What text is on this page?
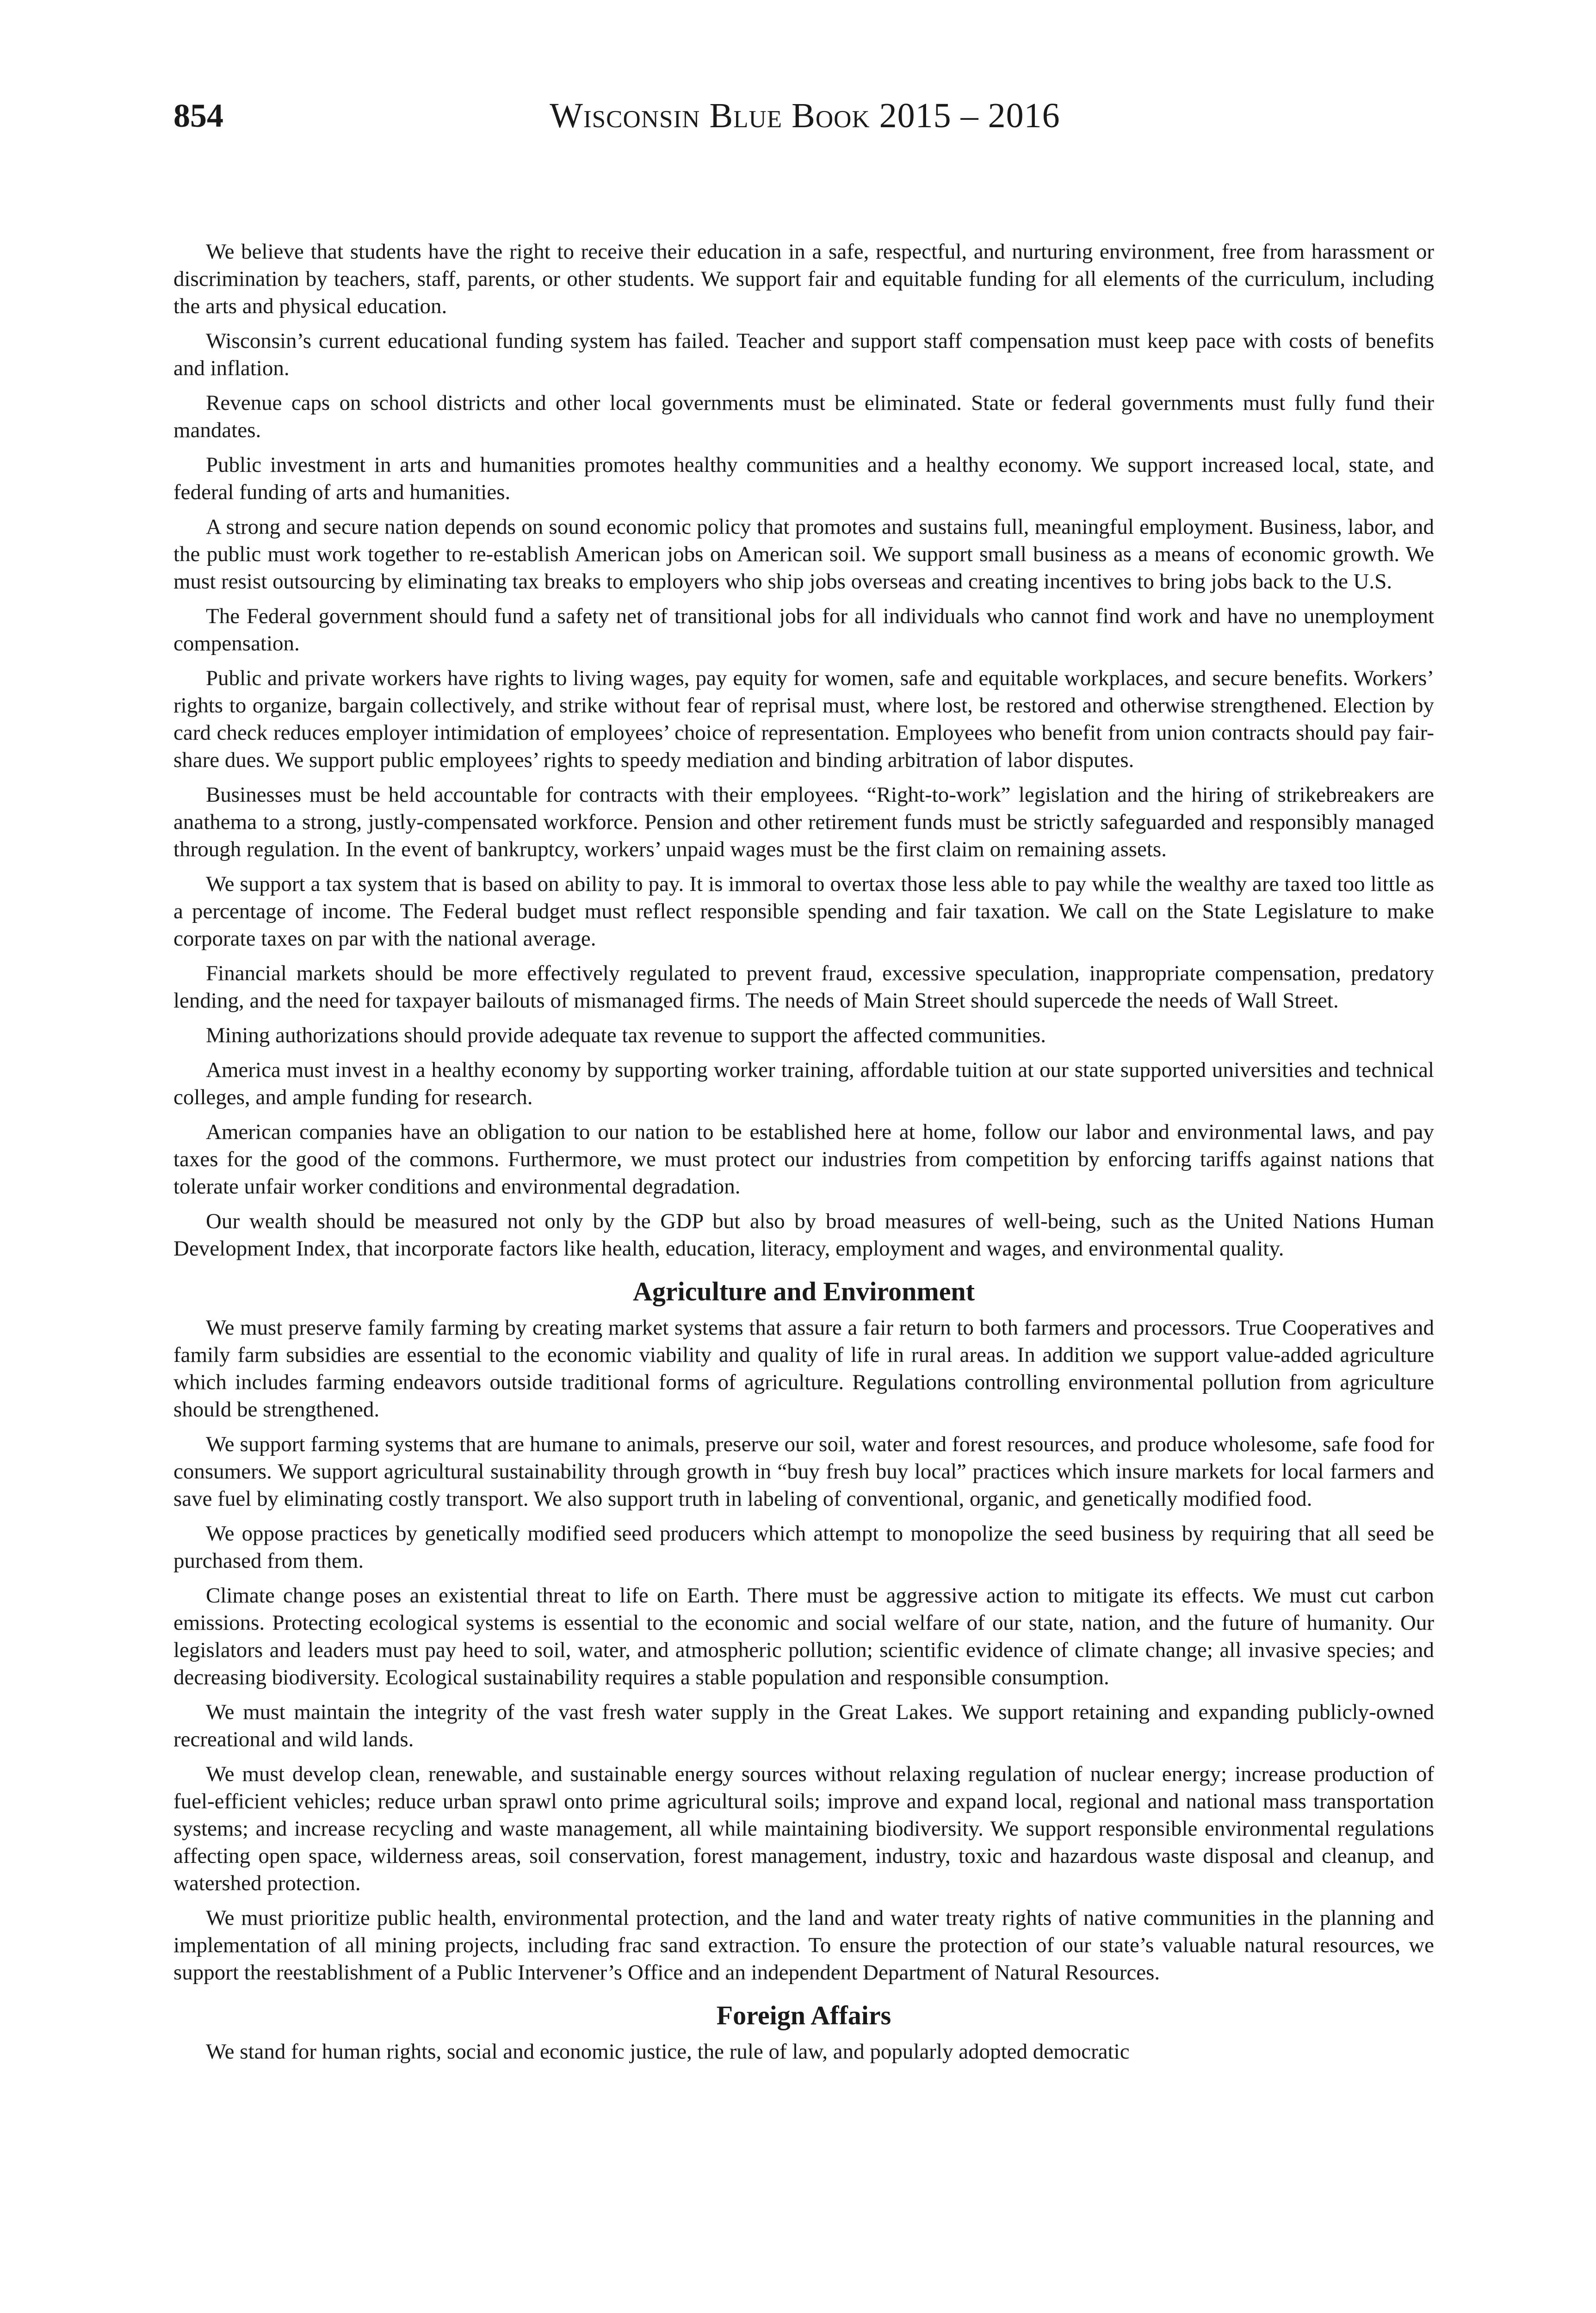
854	Wisconsin Blue Book 2015 – 2016

We believe that students have the right to receive their education in a safe, respectful, and nurturing environment, free from harassment or discrimination by teachers, staff, parents, or other students. We support fair and equitable funding for all elements of the curriculum, including the arts and physical education.

Wisconsin’s current educational funding system has failed. Teacher and support staff compensation must keep pace with costs of benefits and inflation.

Revenue caps on school districts and other local governments must be eliminated. State or federal governments must fully fund their mandates.

Public investment in arts and humanities promotes healthy communities and a healthy economy. We support increased local, state, and federal funding of arts and humanities.

A strong and secure nation depends on sound economic policy that promotes and sustains full, meaningful employment. Business, labor, and the public must work together to re-establish American jobs on American soil. We support small business as a means of economic growth. We must resist outsourcing by eliminating tax breaks to employers who ship jobs overseas and creating incentives to bring jobs back to the U.S.

The Federal government should fund a safety net of transitional jobs for all individuals who cannot find work and have no unemployment compensation.

Public and private workers have rights to living wages, pay equity for women, safe and equitable workplaces, and secure benefits. Workers’ rights to organize, bargain collectively, and strike without fear of reprisal must, where lost, be restored and otherwise strengthened. Election by card check reduces employer intimidation of employees’ choice of representation. Employees who benefit from union contracts should pay fair-share dues. We support public employees’ rights to speedy mediation and binding arbitration of labor disputes.

Businesses must be held accountable for contracts with their employees. “Right-to-work” legislation and the hiring of strikebreakers are anathema to a strong, justly-compensated workforce. Pension and other retirement funds must be strictly safeguarded and responsibly managed through regulation. In the event of bankruptcy, workers’ unpaid wages must be the first claim on remaining assets.

We support a tax system that is based on ability to pay. It is immoral to overtax those less able to pay while the wealthy are taxed too little as a percentage of income. The Federal budget must reflect responsible spending and fair taxation. We call on the State Legislature to make corporate taxes on par with the national average.

Financial markets should be more effectively regulated to prevent fraud, excessive speculation, inappropriate compensation, predatory lending, and the need for taxpayer bailouts of mismanaged firms. The needs of Main Street should supercede the needs of Wall Street.

Mining authorizations should provide adequate tax revenue to support the affected communities.

America must invest in a healthy economy by supporting worker training, affordable tuition at our state supported universities and technical colleges, and ample funding for research.

American companies have an obligation to our nation to be established here at home, follow our labor and environmental laws, and pay taxes for the good of the commons. Furthermore, we must protect our industries from competition by enforcing tariffs against nations that tolerate unfair worker conditions and environmental degradation.

Our wealth should be measured not only by the GDP but also by broad measures of well-being, such as the United Nations Human Development Index, that incorporate factors like health, education, literacy, employment and wages, and environmental quality.

Agriculture and Environment

We must preserve family farming by creating market systems that assure a fair return to both farmers and processors. True Cooperatives and family farm subsidies are essential to the economic viability and quality of life in rural areas. In addition we support value-added agriculture which includes farming endeavors outside traditional forms of agriculture. Regulations controlling environmental pollution from agriculture should be strengthened.

We support farming systems that are humane to animals, preserve our soil, water and forest resources, and produce wholesome, safe food for consumers. We support agricultural sustainability through growth in “buy fresh buy local” practices which insure markets for local farmers and save fuel by eliminating costly transport. We also support truth in labeling of conventional, organic, and genetically modified food.

We oppose practices by genetically modified seed producers which attempt to monopolize the seed business by requiring that all seed be purchased from them.

Climate change poses an existential threat to life on Earth. There must be aggressive action to mitigate its effects. We must cut carbon emissions. Protecting ecological systems is essential to the economic and social welfare of our state, nation, and the future of humanity. Our legislators and leaders must pay heed to soil, water, and atmospheric pollution; scientific evidence of climate change; all invasive species; and decreasing biodiversity. Ecological sustainability requires a stable population and responsible consumption.

We must maintain the integrity of the vast fresh water supply in the Great Lakes. We support retaining and expanding publicly-owned recreational and wild lands.

We must develop clean, renewable, and sustainable energy sources without relaxing regulation of nuclear energy; increase production of fuel-efficient vehicles; reduce urban sprawl onto prime agricultural soils; improve and expand local, regional and national mass transportation systems; and increase recycling and waste management, all while maintaining biodiversity. We support responsible environmental regulations affecting open space, wilderness areas, soil conservation, forest management, industry, toxic and hazardous waste disposal and cleanup, and watershed protection.

We must prioritize public health, environmental protection, and the land and water treaty rights of native communities in the planning and implementation of all mining projects, including frac sand extraction. To ensure the protection of our state’s valuable natural resources, we support the reestablishment of a Public Intervener’s Office and an independent Department of Natural Resources.

Foreign Affairs

We stand for human rights, social and economic justice, the rule of law, and popularly adopted democratic
